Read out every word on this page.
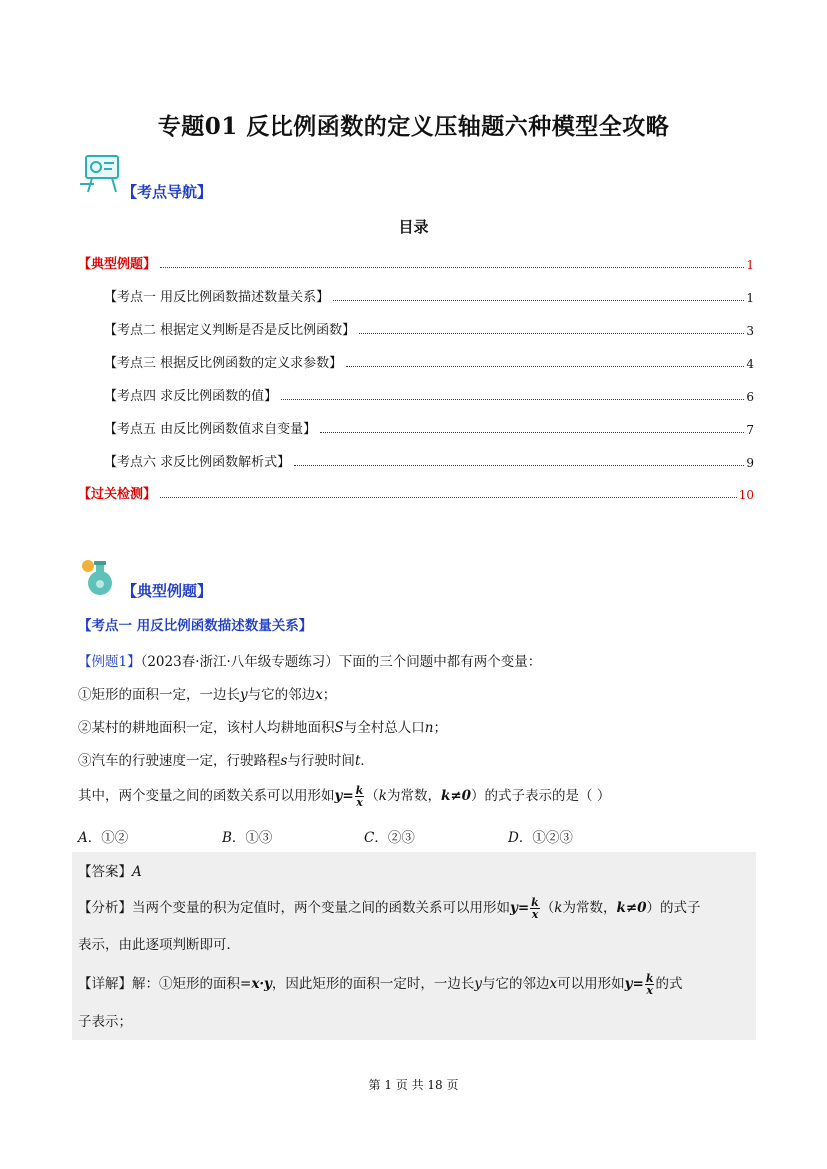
专题01 反比例函数的定义压轴题六种模型全攻略
【考点导航】
目录
【典型例题】	1
【考点一 用反比例函数描述数量关系】	1
【考点二 根据定义判断是否是反比例函数】	3
【考点三 根据反比例函数的定义求参数】	4
【考点四 求反比例函数的值】	6
【考点五 由反比例函数值求自变量】	7
【考点六 求反比例函数解析式】	9
【过关检测】	10
【典型例题】
【考点一 用反比例函数描述数量关系】
【例题1】（2023春·浙江·八年级专题练习）下面的三个问题中都有两个变量：
①矩形的面积一定，一边长y与它的邻边x；
②某村的耕地面积一定，该村人均耕地面积S与全村总人口n；
③汽车的行驶速度一定，行驶路程s与行驶时间t．
其中，两个变量之间的函数关系可以用形如$y= \frac{k}{x} (k$为常数，k≠0）的式子表示的是（ ）
A．①②	B．①③	C．②③	D．①②③
【答案】A
【分析】当两个变量的积为定值时，两个变量之间的函数关系可以用形如$y= \frac{k}{x} (k$为常数，k≠0）的式子
表示，由此逐项判断即可．
【详解】解：①矩形的面积=x·y，因此矩形的面积一定时，一边长y与它的邻边x可以用形如$y= \frac{k}{x}$ 的式
子表示；
第 1 页 共 18 页
